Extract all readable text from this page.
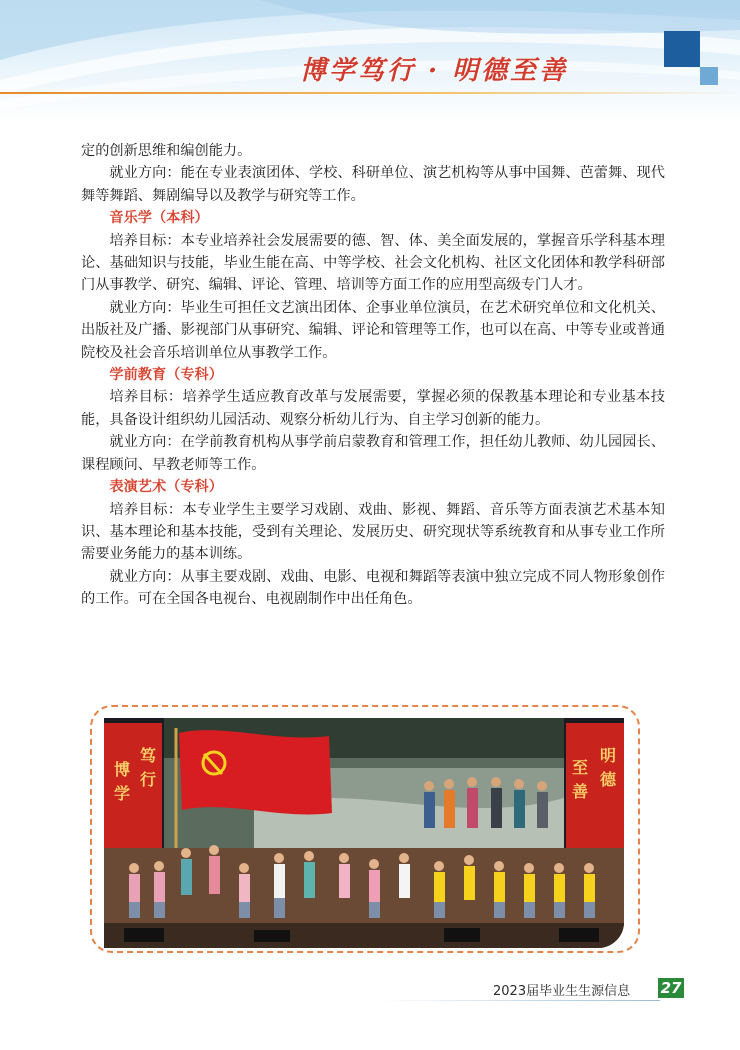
博学笃行 · 明德至善

定的创新思维和编创能力。

就业方向：能在专业表演团体、学校、科研单位、演艺机构等从事中国舞、芭蕾舞、现代舞等舞蹈、舞剧编导以及教学与研究等工作。

音乐学（本科）

培养目标：本专业培养社会发展需要的德、智、体、美全面发展的，掌握音乐学科基本理论、基础知识与技能，毕业生能在高、中等学校、社会文化机构、社区文化团体和教学科研部门从事教学、研究、编辑、评论、管理、培训等方面工作的应用型高级专门人才。

就业方向：毕业生可担任文艺演出团体、企事业单位演员，在艺术研究单位和文化机关、出版社及广播、影视部门从事研究、编辑、评论和管理等工作，也可以在高、中等专业或普通院校及社会音乐培训单位从事教学工作。

学前教育（专科）

培养目标：培养学生适应教育改革与发展需要，掌握必须的保教基本理论和专业基本技能，具备设计组织幼儿园活动、观察分析幼儿行为、自主学习创新的能力。

就业方向：在学前教育机构从事学前启蒙教育和管理工作，担任幼儿教师、幼儿园园长、课程顾问、早教老师等工作。

表演艺术（专科）

培养目标：本专业学生主要学习戏剧、戏曲、影视、舞蹈、音乐等方面表演艺术基本知识、基本理论和基本技能，受到有关理论、发展历史、研究现状等系统教育和从事专业工作所需要业务能力的基本训练。

就业方向：从事主要戏剧、戏曲、电影、电视和舞蹈等表演中独立完成不同人物形象创作的工作。可在全国各电视台、电视剧制作中出任角色。

博
学
笃
行
至
善
明
德
2023届毕业生生源信息 27
